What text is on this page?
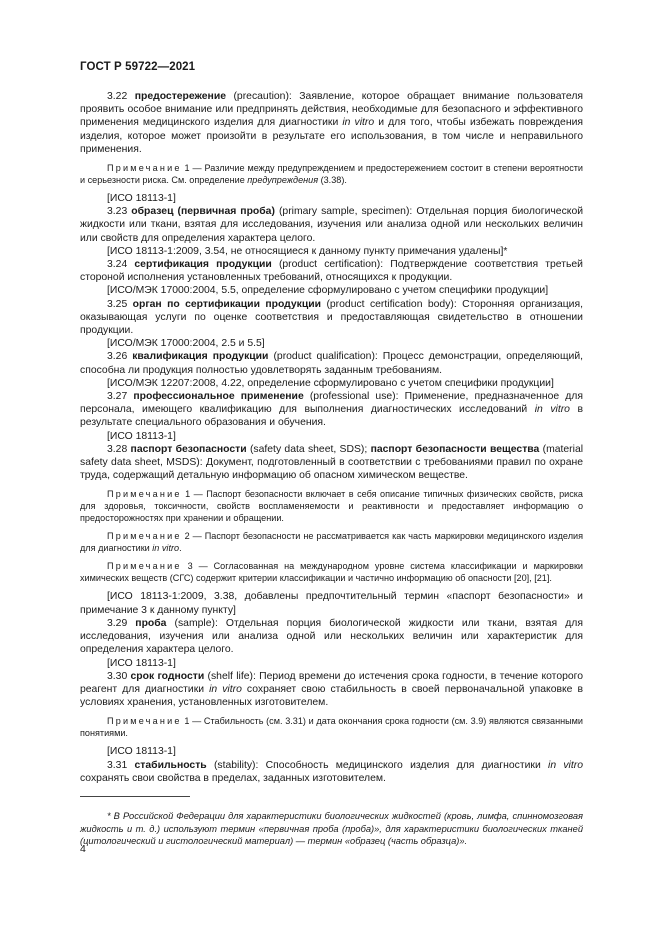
ГОСТ Р 59722—2021

3.22 предостережение (precaution): Заявление, которое обращает внимание пользователя проявить особое внимание или предпринять действия, необходимые для безопасного и эффективного применения медицинского изделия для диагностики in vitro и для того, чтобы избежать повреждения изделия, которое может произойти в результате его использования, в том числе и неправильного применения.

Примечание 1 — Различие между предупреждением и предостережением состоит в степени вероятности и серьезности риска. См. определение предупреждения (3.38).

[ИСО 18113-1]

3.23 образец (первичная проба) (primary sample, specimen): Отдельная порция биологической жидкости или ткани, взятая для исследования, изучения или анализа одной или нескольких величин или свойств для определения характера целого.

[ИСО 18113-1:2009, 3.54, не относящиеся к данному пункту примечания удалены]*

3.24 сертификация продукции (product certification): Подтверждение соответствия третьей стороной исполнения установленных требований, относящихся к продукции.

[ИСО/МЭК 17000:2004, 5.5, определение сформулировано с учетом специфики продукции]

3.25 орган по сертификации продукции (product certification body): Сторонняя организация, оказывающая услуги по оценке соответствия и предоставляющая свидетельство в отношении продукции.

[ИСО/МЭК 17000:2004, 2.5 и 5.5]

3.26 квалификация продукции (product qualification): Процесс демонстрации, определяющий, способна ли продукция полностью удовлетворять заданным требованиям.

[ИСО/МЭК 12207:2008, 4.22, определение сформулировано с учетом специфики продукции]

3.27 профессиональное применение (professional use): Применение, предназначенное для персонала, имеющего квалификацию для выполнения диагностических исследований in vitro в результате специального образования и обучения.

[ИСО 18113-1]

3.28 паспорт безопасности (safety data sheet, SDS); паспорт безопасности вещества (material safety data sheet, MSDS): Документ, подготовленный в соответствии с требованиями правил по охране труда, содержащий детальную информацию об опасном химическом веществе.

Примечание 1 — Паспорт безопасности включает в себя описание типичных физических свойств, риска для здоровья, токсичности, свойств воспламеняемости и реактивности и предоставляет информацию о предосторожностях при хранении и обращении.

Примечание 2 — Паспорт безопасности не рассматривается как часть маркировки медицинского изделия для диагностики in vitro.

Примечание 3 — Согласованная на международном уровне система классификации и маркировки химических веществ (СГС) содержит критерии классификации и частично информацию об опасности [20], [21].

[ИСО 18113-1:2009, 3.38, добавлены предпочтительный термин «паспорт безопасности» и примечание 3 к данному пункту]

3.29 проба (sample): Отдельная порция биологической жидкости или ткани, взятая для исследования, изучения или анализа одной или нескольких величин или характеристик для определения характера целого.

[ИСО 18113-1]

3.30 срок годности (shelf life): Период времени до истечения срока годности, в течение которого реагент для диагностики in vitro сохраняет свою стабильность в своей первоначальной упаковке в условиях хранения, установленных изготовителем.

Примечание 1 — Стабильность (см. 3.31) и дата окончания срока годности (см. 3.9) являются связанными понятиями.

[ИСО 18113-1]

3.31 стабильность (stability): Способность медицинского изделия для диагностики in vitro сохранять свои свойства в пределах, заданных изготовителем.

* В Российской Федерации для характеристики биологических жидкостей (кровь, лимфа, спинномозговая жидкость и т. д.) используют термин «первичная проба (проба)», для характеристики биологических тканей (цитологический и гистологический материал) — термин «образец (часть образца)».

4
